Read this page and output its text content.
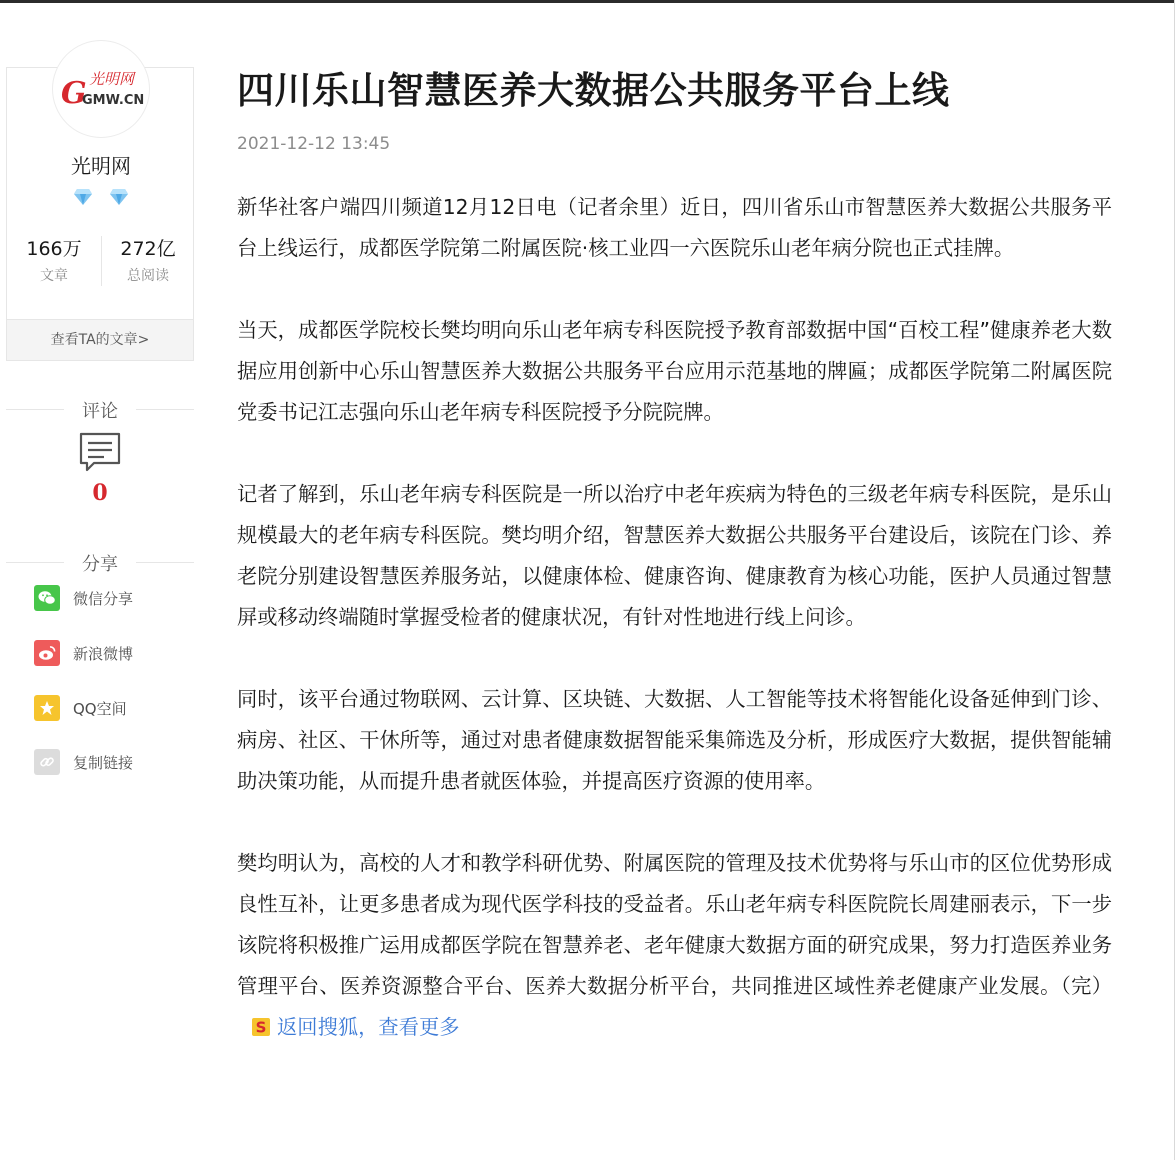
G 光明网
GMW.CN
光明网

166万
文章
272亿
总阅读
查看TA的文章>
评论
0
分享
微信分享
新浪微博
QQ空间
复制链接
四川乐山智慧医养大数据公共服务平台上线
2021-12-12 13:45

新华社客户端四川频道12月12日电（记者余里）近日，四川省乐山市智慧医养大数据公共服务平台上线运行，成都医学院第二附属医院·核工业四一六医院乐山老年病分院也正式挂牌。

当天，成都医学院校长樊均明向乐山老年病专科医院授予教育部数据中国“百校工程”健康养老大数据应用创新中心乐山智慧医养大数据公共服务平台应用示范基地的牌匾；成都医学院第二附属医院党委书记江志强向乐山老年病专科医院授予分院院牌。

记者了解到，乐山老年病专科医院是一所以治疗中老年疾病为特色的三级老年病专科医院，是乐山规模最大的老年病专科医院。樊均明介绍，智慧医养大数据公共服务平台建设后，该院在门诊、养老院分别建设智慧医养服务站，以健康体检、健康咨询、健康教育为核心功能，医护人员通过智慧屏或移动终端随时掌握受检者的健康状况，有针对性地进行线上问诊。

同时，该平台通过物联网、云计算、区块链、大数据、人工智能等技术将智能化设备延伸到门诊、病房、社区、干休所等，通过对患者健康数据智能采集筛选及分析，形成医疗大数据，提供智能辅助决策功能，从而提升患者就医体验，并提高医疗资源的使用率。

樊均明认为，高校的人才和教学科研优势、附属医院的管理及技术优势将与乐山市的区位优势形成良性互补，让更多患者成为现代医学科技的受益者。乐山老年病专科医院院长周建丽表示，下一步该院将积极推广运用成都医学院在智慧养老、老年健康大数据方面的研究成果，努力打造医养业务管理平台、医养资源整合平台、医养大数据分析平台，共同推进区域性养老健康产业发展。（完）
S 返回搜狐，查看更多
